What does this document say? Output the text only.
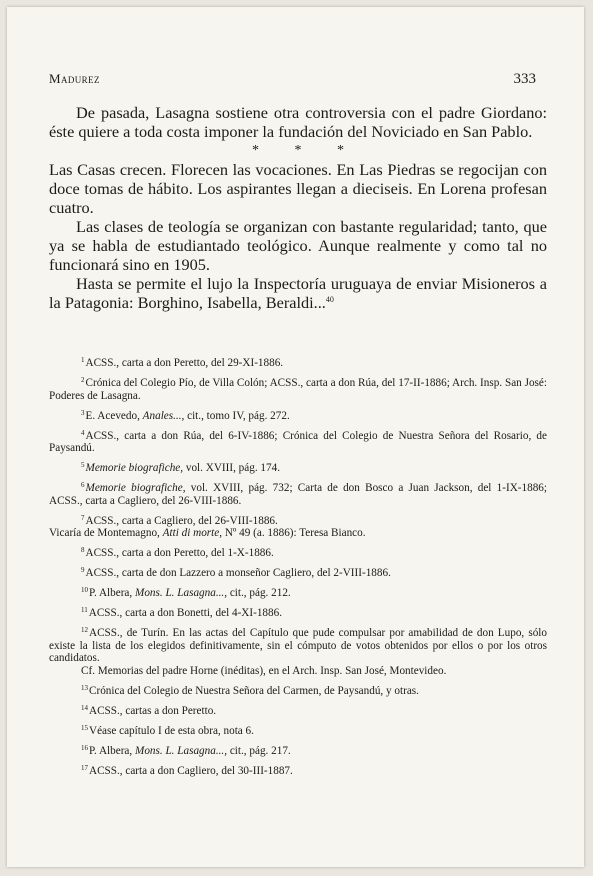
Madurez	333

De pasada, Lasagna sostiene otra controversia con el padre Giordano: éste quiere a toda costa imponer la fundación del Noviciado en San Pablo.

* * *

Las Casas crecen. Florecen las vocaciones. En Las Piedras se regocijan con doce tomas de hábito. Los aspirantes llegan a dieciseis. En Lorena profesan cuatro.

Las clases de teología se organizan con bastante regularidad; tanto, que ya se habla de estudiantado teológico. Aunque realmente y como tal no funcionará sino en 1905.

Hasta se permite el lujo la Inspectoría uruguaya de enviar Misioneros a la Patagonia: Borghino, Isabella, Beraldi...$^{40}$

$^1$ACSS., carta a don Peretto, del 29-XI-1886.

$^2$Crónica del Colegio Pío, de Villa Colón; ACSS., carta a don Rúa, del 17-II-1886; Arch. Insp. San José: Poderes de Lasagna.

$^3$E. Acevedo, Anales..., cit., tomo IV, pág. 272.

$^4$ACSS., carta a don Rúa, del 6-IV-1886; Crónica del Colegio de Nuestra Señora del Rosario, de Paysandú.

$^5$Memorie biografiche, vol. XVIII, pág. 174.

$^6$Memorie biografiche, vol. XVIII, pág. 732; Carta de don Bosco a Juan Jackson, del 1-IX-1886; ACSS., carta a Cagliero, del 26-VIII-1886.

$^7$ACSS., carta a Cagliero, del 26-VIII-1886.
Vicaría de Montemagno, Atti di morte, Nº 49 (a. 1886): Teresa Bianco.

$^8$ACSS., carta a don Peretto, del 1-X-1886.

$^9$ACSS., carta de don Lazzero a monseñor Cagliero, del 2-VIII-1886.

$^{10}$P. Albera, Mons. L. Lasagna..., cit., pág. 212.

$^{11}$ACSS., carta a don Bonetti, del 4-XI-1886.

$^{12}$ACSS., de Turín. En las actas del Capítulo que pude compulsar por amabilidad de don Lupo, sólo existe la lista de los elegidos definitivamente, sin el cómputo de votos obtenidos por ellos o por los otros candidatos.
Cf. Memorias del padre Horne (inéditas), en el Arch. Insp. San José, Montevideo.

$^{13}$Crónica del Colegio de Nuestra Señora del Carmen, de Paysandú, y otras.

$^{14}$ACSS., cartas a don Peretto.

$^{15}$Véase capítulo I de esta obra, nota 6.

$^{16}$P. Albera, Mons. L. Lasagna..., cit., pág. 217.

$^{17}$ACSS., carta a don Cagliero, del 30-III-1887.
